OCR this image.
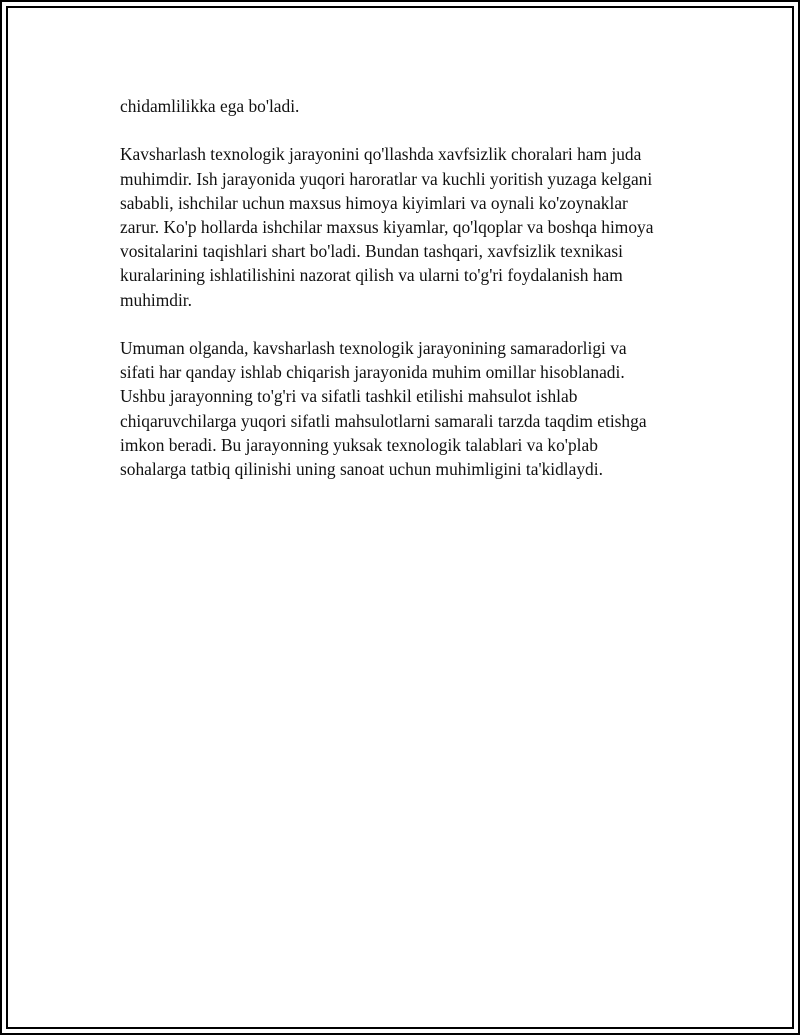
chidamlilikka ega bo'ladi.

Kavsharlash texnologik jarayonini qo'llashda xavfsizlik choralari ham juda
muhimdir. Ish jarayonida yuqori haroratlar va kuchli yoritish yuzaga kelgani
sababli, ishchilar uchun maxsus himoya kiyimlari va oynali ko'zoynaklar
zarur. Ko'p hollarda ishchilar maxsus kiyamlar, qo'lqoplar va boshqa himoya
vositalarini taqishlari shart bo'ladi. Bundan tashqari, xavfsizlik texnikasi
kuralarining ishlatilishini nazorat qilish va ularni to'g'ri foydalanish ham
muhimdir.

Umuman olganda, kavsharlash texnologik jarayonining samaradorligi va
sifati har qanday ishlab chiqarish jarayonida muhim omillar hisoblanadi.
Ushbu jarayonning to'g'ri va sifatli tashkil etilishi mahsulot ishlab
chiqaruvchilarga yuqori sifatli mahsulotlarni samarali tarzda taqdim etishga
imkon beradi. Bu jarayonning yuksak texnologik talablari va ko'plab
sohalarga tatbiq qilinishi uning sanoat uchun muhimligini ta'kidlaydi.
